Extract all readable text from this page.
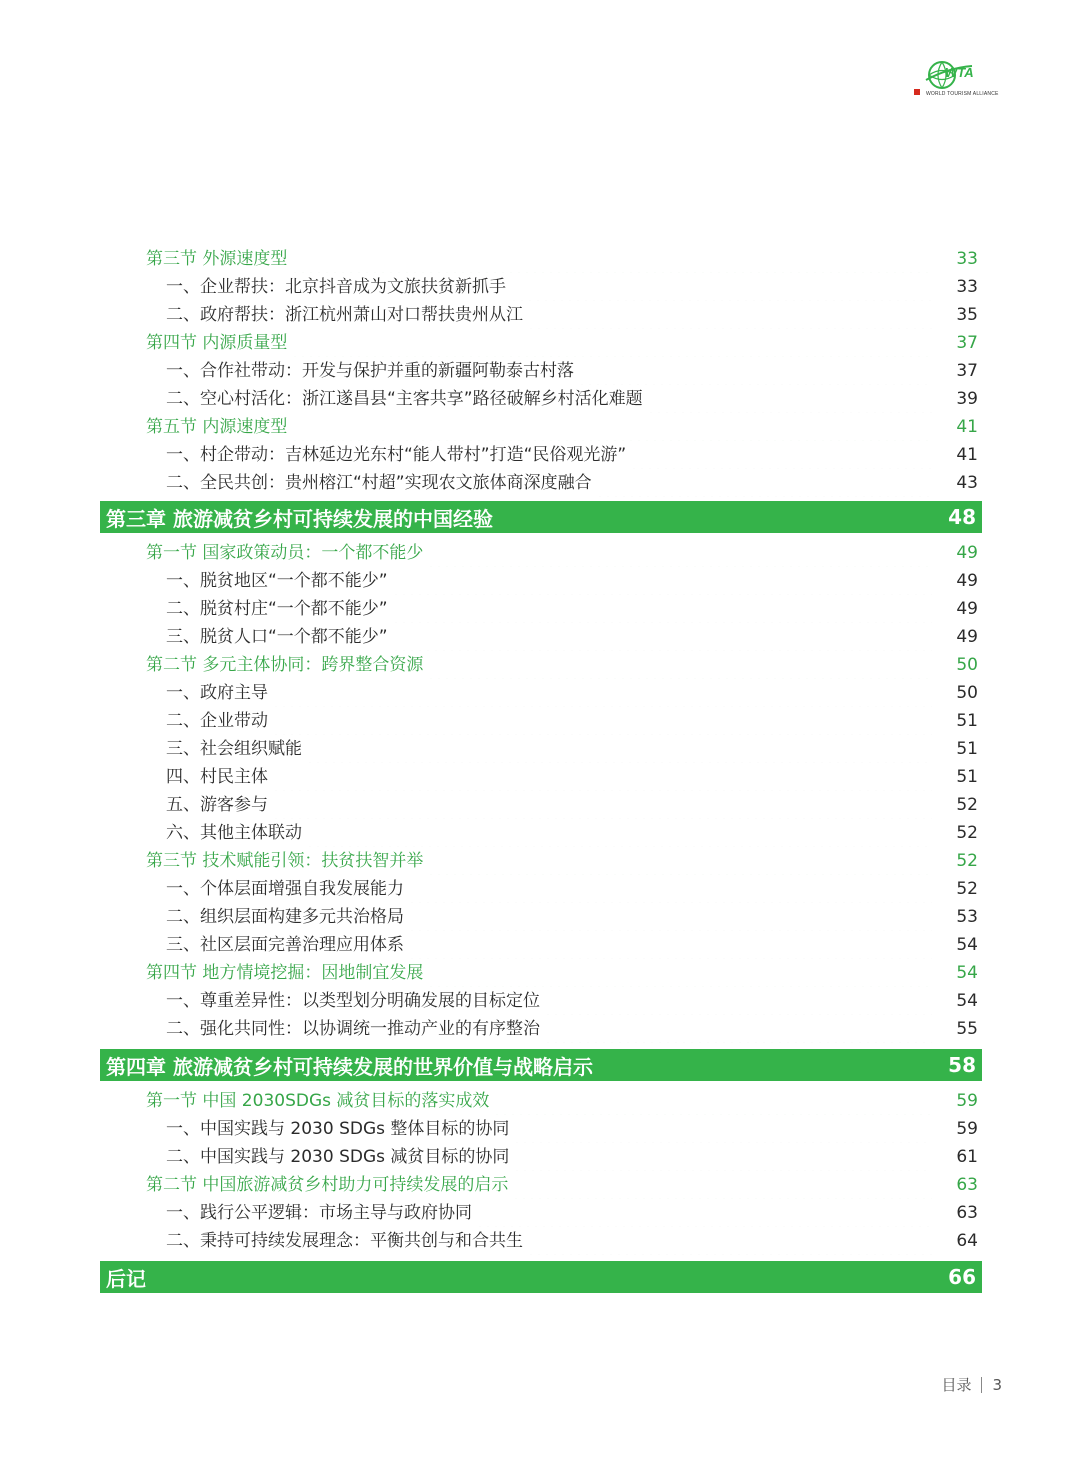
WTA
WORLD TOURISM ALLIANCE
第三节 外源速度型	33
一、企业帮扶：北京抖音成为文旅扶贫新抓手	33
二、政府帮扶：浙江杭州萧山对口帮扶贵州从江	35
第四节 内源质量型	37
一、合作社带动：开发与保护并重的新疆阿勒泰古村落	37
二、空心村活化：浙江遂昌县“主客共享”路径破解乡村活化难题	39
第五节 内源速度型	41
一、村企带动：吉林延边光东村“能人带村”打造“民俗观光游”	41
二、全民共创：贵州榕江“村超”实现农文旅体商深度融合	43
第三章 旅游减贫乡村可持续发展的中国经验	48
第一节 国家政策动员：一个都不能少	49
一、脱贫地区“一个都不能少”	49
二、脱贫村庄“一个都不能少”	49
三、脱贫人口“一个都不能少”	49
第二节 多元主体协同：跨界整合资源	50
一、政府主导	50
二、企业带动	51
三、社会组织赋能	51
四、村民主体	51
五、游客参与	52
六、其他主体联动	52
第三节 技术赋能引领：扶贫扶智并举	52
一、个体层面增强自我发展能力	52
二、组织层面构建多元共治格局	53
三、社区层面完善治理应用体系	54
第四节 地方情境挖掘：因地制宜发展	54
一、尊重差异性：以类型划分明确发展的目标定位	54
二、强化共同性：以协调统一推动产业的有序整治	55
第四章 旅游减贫乡村可持续发展的世界价值与战略启示	58
第一节 中国 2030SDGs 减贫目标的落实成效	59
一、中国实践与 2030 SDGs 整体目标的协同	59
二、中国实践与 2030 SDGs 减贫目标的协同	61
第二节 中国旅游减贫乡村助力可持续发展的启示	63
一、践行公平逻辑：市场主导与政府协同	63
二、秉持可持续发展理念：平衡共创与和合共生	64
后记	66
目录 3
